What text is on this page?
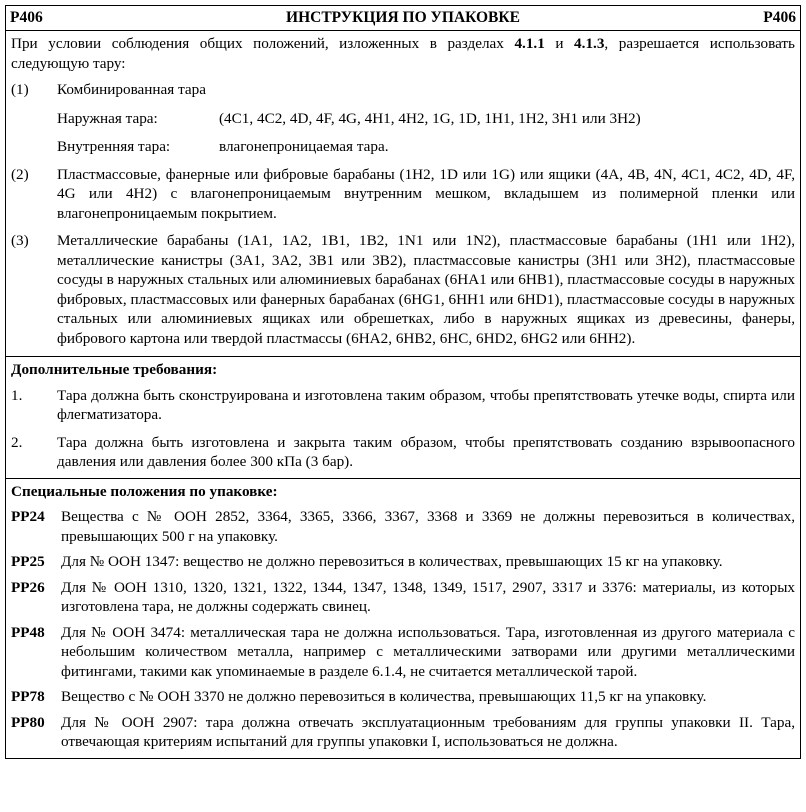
P406	ИНСТРУКЦИЯ ПО УПАКОВКЕ	P406

При условии соблюдения общих положений, изложенных в разделах 4.1.1 и 4.1.3, разрешается использовать следующую тару:

(1)	Комбинированная тара

Наружная тара:	(4C1, 4C2, 4D, 4F, 4G, 4H1, 4H2, 1G, 1D, 1H1, 1H2, 3H1 или 3H2)
Внутренняя тара:	влагонепроницаемая тара.
(2)	Пластмассовые, фанерные или фибровые барабаны (1H2, 1D или 1G) или ящики (4A, 4B, 4N, 4C1, 4C2, 4D, 4F, 4G или 4H2) с влагонепроницаемым внутренним мешком, вкладышем из полимерной пленки или влагонепроницаемым покрытием.

(3)	Металлические барабаны (1A1, 1A2, 1B1, 1B2, 1N1 или 1N2), пластмассовые барабаны (1H1 или 1H2), металлические канистры (3A1, 3A2, 3B1 или 3B2), пластмассовые канистры (3H1 или 3H2), пластмассовые сосуды в наружных стальных или алюминиевых барабанах (6HA1 или 6HB1), пластмассовые сосуды в наружных фибровых, пластмассовых или фанерных барабанах (6HG1, 6HH1 или 6HD1), пластмассовые сосуды в наружных стальных или алюминиевых ящиках или обрешетках, либо в наружных ящиках из древесины, фанеры, фибрового картона или твердой пластмассы (6HA2, 6HB2, 6HC, 6HD2, 6HG2 или 6HH2).

Дополнительные требования:

1.	Тара должна быть сконструирована и изготовлена таким образом, чтобы препятствовать утечке воды, спирта или флегматизатора.

2.	Тара должна быть изготовлена и закрыта таким образом, чтобы препятствовать созданию взрывоопасного давления или давления более 300 кПа (3 бар).

Специальные положения по упаковке:

PP24	Вещества с № ООН 2852, 3364, 3365, 3366, 3367, 3368 и 3369 не должны перевозиться в количествах, превышающих 500 г на упаковку.

PP25	Для № ООН 1347: вещество не должно перевозиться в количествах, превышающих 15 кг на упаковку.

PP26	Для № ООН 1310, 1320, 1321, 1322, 1344, 1347, 1348, 1349, 1517, 2907, 3317 и 3376: материалы, из которых изготовлена тара, не должны содержать свинец.

PP48	Для № ООН 3474: металлическая тара не должна использоваться. Тара, изготовленная из другого материала с небольшим количеством металла, например с металлическими затворами или другими металлическими фитингами, такими как упоминаемые в разделе 6.1.4, не считается металлической тарой.

PP78	Вещество с № ООН 3370 не должно перевозиться в количества, превышающих 11,5 кг на упаковку.

PP80	Для № ООН 2907: тара должна отвечать эксплуатационным требованиям для группы упаковки II. Тара, отвечающая критериям испытаний для группы упаковки I, использоваться не должна.
